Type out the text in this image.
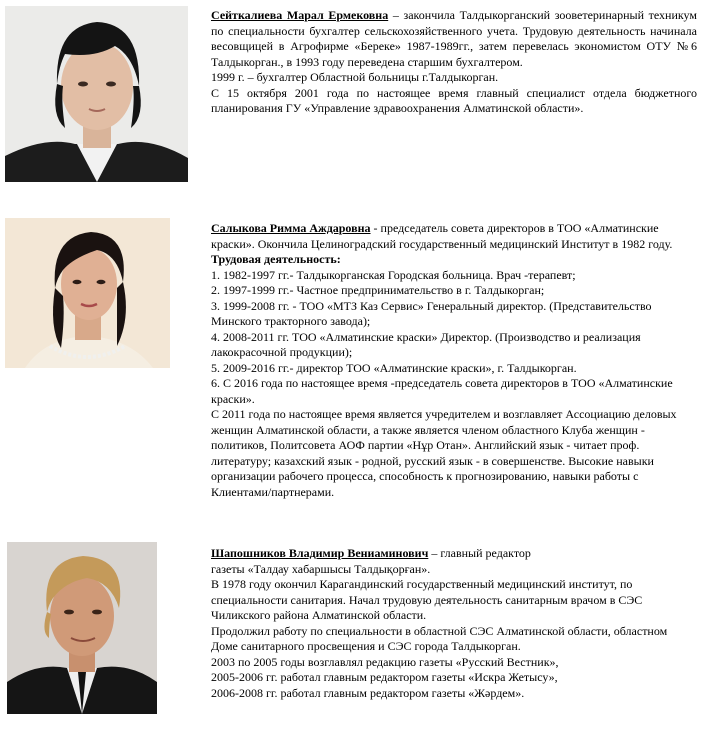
Сейткалиева Марал Ермековна – закончила Талдыкорганский зооветеринарный техникум по специальности бухгалтер сельскохозяйственного учета. Трудовую деятельность начинала весовщицей в Агрофирме «Береке» 1987-1989гг., затем перевелась экономистом ОТУ №6 Талдыкорган., в 1993 году переведена старшим бухгалтером.

1999 г. – бухгалтер Областной больницы г.Талдыкорган.

С 15 октября 2001 года по настоящее время главный специалист отдела бюджетного планирования ГУ «Управление здравоохранения Алматинской области».

Салыкова Римма Аждаровна - председатель совета директоров в ТОО «Алматинские краски». Окончила Целиноградский государственный медицинский Институт в 1982 году.

Трудовая деятельность:

1. 1982-1997 гг.- Талдыкорганская Городская больница. Врач -терапевт;

2. 1997-1999 гг.- Частное предпринимательство в г. Талдыкорган;

3. 1999-2008 гг. - ТОО «МТЗ Каз Сервис» Генеральный директор. (Представительство Минского тракторного завода);

4. 2008-2011 гг. ТОО «Алматинские краски» Директор. (Производство и реализация лакокрасочной продукции);

5. 2009-2016 гг.- директор ТОО «Алматинские краски», г. Талдыкорган.

6. С 2016 года по настоящее время -председатель совета директоров в ТОО «Алматинские краски».

С 2011 года по настоящее время является учредителем и возглавляет Ассоциацию деловых женщин Алматинской области, а также является членом областного Клуба женщин - политиков, Политсовета АОФ партии «Нұр Отан». Английский язык - читает проф. литературу; казахский язык - родной, русский язык - в совершенстве. Высокие навыки организации рабочего процесса, способность к прогнозированию, навыки работы с Клиентами/партнерами.

Шапошников Владимир Вениаминович – главный редактор

газеты «Талдау хабаршысы Талдықорған».

В 1978 году окончил Карагандинский государственный медицинский институт, по специальности санитария. Начал трудовую деятельность санитарным врачом в СЭС Чиликского района Алматинской области.

Продолжил работу по специальности в областной СЭС Алматинской области, областном Доме санитарного просвещения и СЭС города Талдыкорган.

2003 по 2005 годы возглавлял редакцию газеты «Русский Вестник»,

2005-2006 гг. работал главным редактором газеты «Искра Жетысу»,

2006-2008 гг. работал главным редактором газеты «Жәрдем».
